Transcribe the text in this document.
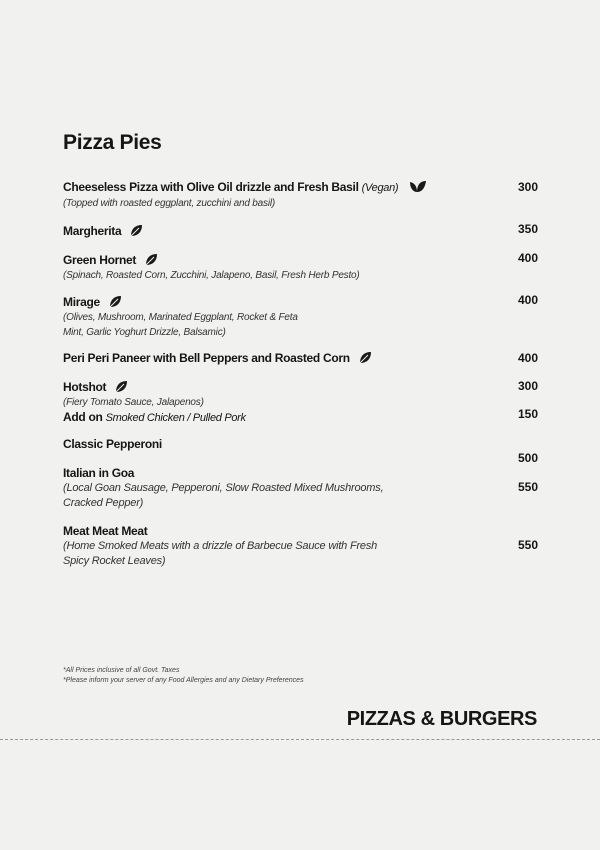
Pizza Pies
Cheeseless Pizza with Olive Oil drizzle and Fresh Basil (Vegan)
(Topped with roasted eggplant, zucchini and basil)
300
Margherita	350
Green Hornet
(Spinach, Roasted Corn, Zucchini, Jalapeno, Basil, Fresh Herb Pesto)
400
Mirage
(Olives, Mushroom, Marinated Eggplant, Rocket & Feta
Mint, Garlic Yoghurt Drizzle, Balsamic)
400
Peri Peri Paneer with Bell Peppers and Roasted Corn	400
Hotshot
(Fiery Tomato Sauce, Jalapenos)
Add on Smoked Chicken / Pulled Pork
300
150
Classic Pepperoni
500
Italian in Goa
(Local Goan Sausage, Pepperoni, Slow Roasted Mixed Mushrooms,
Cracked Pepper)
550
Meat Meat Meat
(Home Smoked Meats with a drizzle of Barbecue Sauce with Fresh
Spicy Rocket Leaves)
550
*All Prices inclusive of all Govt. Taxes
*Please inform your server of any Food Allergies and any Dietary Preferences
PIZZAS & BURGERS
